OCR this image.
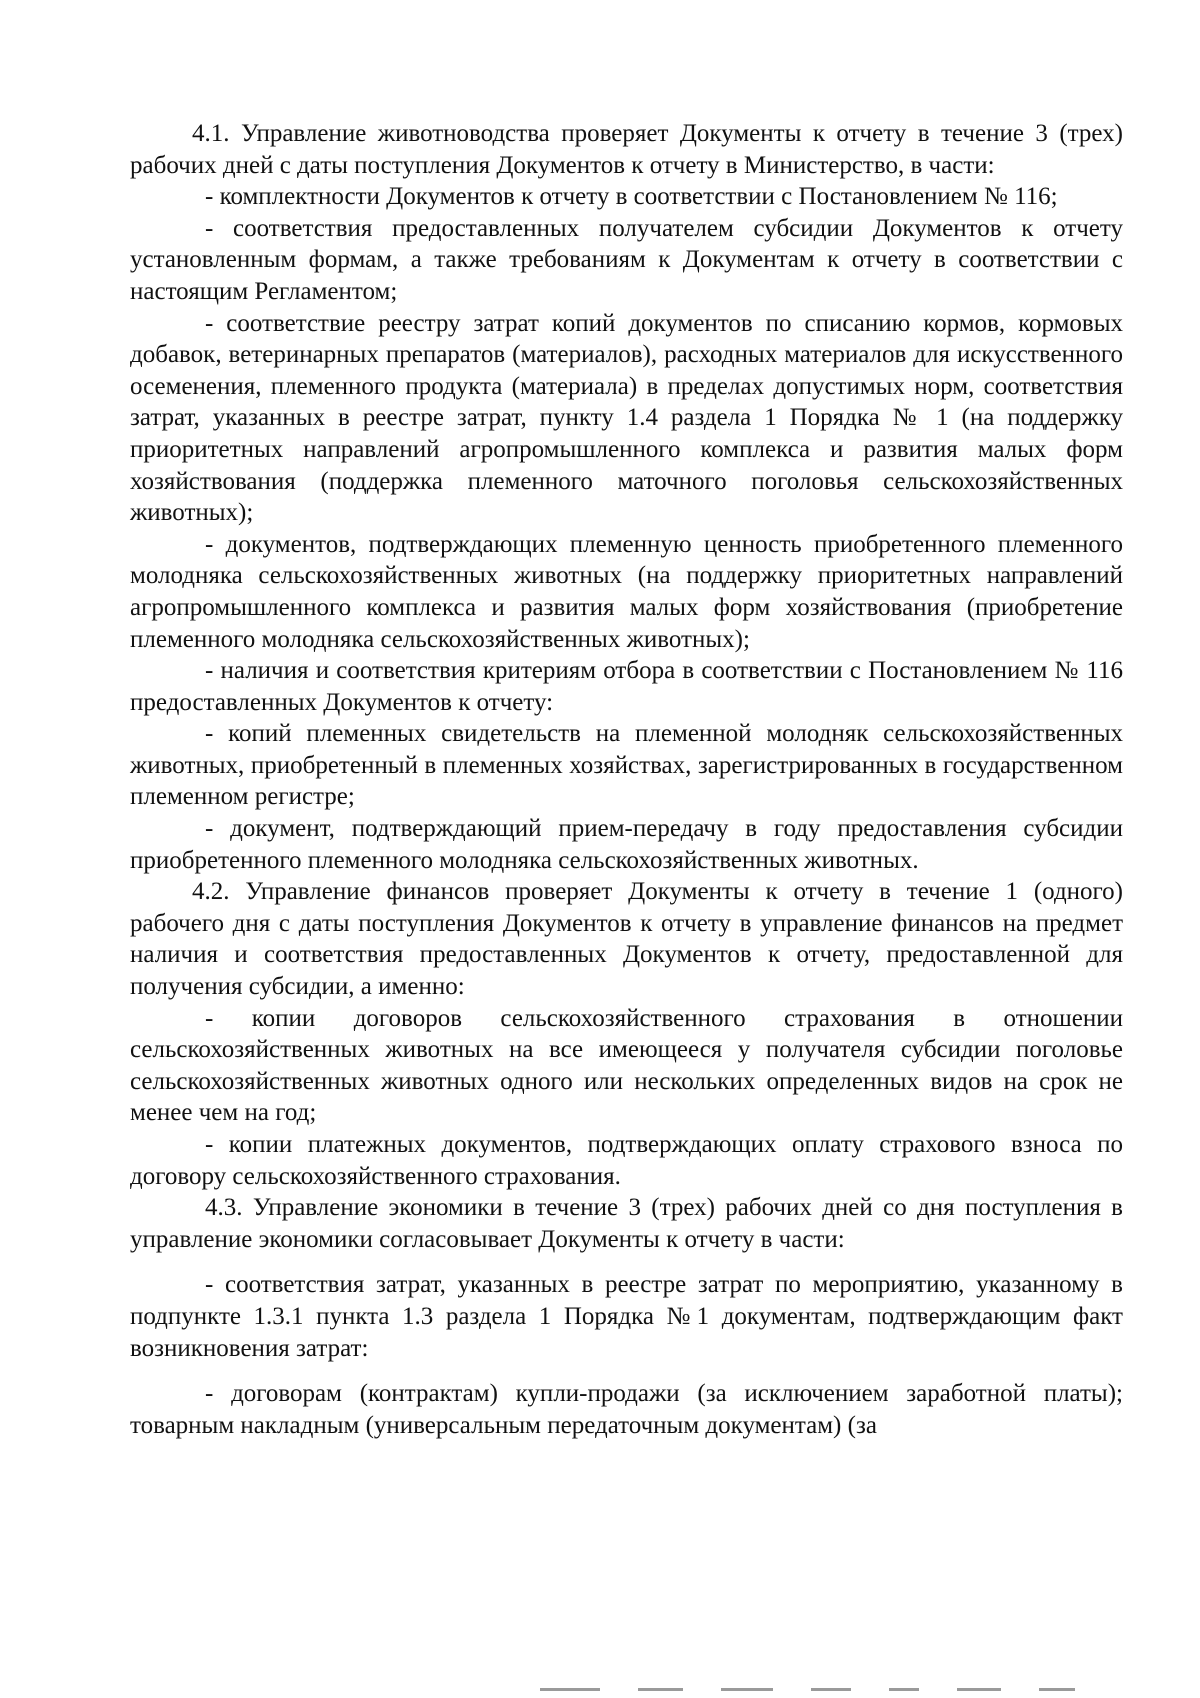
4.1. Управление животноводства проверяет Документы к отчету в течение 3 (трех) рабочих дней с даты поступления Документов к отчету в Министерство, в части:

- комплектности Документов к отчету в соответствии с Постановлением № 116;

- соответствия предоставленных получателем субсидии Документов к отчету установленным формам, а также требованиям к Документам к отчету в соответствии с настоящим Регламентом;

- соответствие реестру затрат копий документов по списанию кормов, кормовых добавок, ветеринарных препаратов (материалов), расходных материалов для искусственного осеменения, племенного продукта (материала) в пределах допустимых норм, соответствия затрат, указанных в реестре затрат, пункту 1.4 раздела 1 Порядка № 1 (на поддержку приоритетных направлений агропромышленного комплекса и развития малых форм хозяйствования (поддержка племенного маточного поголовья сельскохозяйственных животных);

- документов, подтверждающих племенную ценность приобретенного племенного молодняка сельскохозяйственных животных (на поддержку приоритетных направлений агропромышленного комплекса и развития малых форм хозяйствования (приобретение племенного молодняка сельскохозяйственных животных);

- наличия и соответствия критериям отбора в соответствии с Постановлением № 116 предоставленных Документов к отчету:

- копий племенных свидетельств на племенной молодняк сельскохозяйственных животных, приобретенный в племенных хозяйствах, зарегистрированных в государственном племенном регистре;

- документ, подтверждающий прием-передачу в году предоставления субсидии приобретенного племенного молодняка сельскохозяйственных животных.

4.2. Управление финансов проверяет Документы к отчету в течение 1 (одного) рабочего дня с даты поступления Документов к отчету в управление финансов на предмет наличия и соответствия предоставленных Документов к отчету, предоставленной для получения субсидии, а именно:

- копии договоров сельскохозяйственного страхования в отношении сельскохозяйственных животных на все имеющееся у получателя субсидии поголовье сельскохозяйственных животных одного или нескольких определенных видов на срок не менее чем на год;

- копии платежных документов, подтверждающих оплату страхового взноса по договору сельскохозяйственного страхования.

4.3. Управление экономики в течение 3 (трех) рабочих дней со дня поступления в управление экономики согласовывает Документы к отчету в части:

- соответствия затрат, указанных в реестре затрат по мероприятию, указанному в подпункте 1.3.1 пункта 1.3 раздела 1 Порядка №1 документам, подтверждающим факт возникновения затрат:

- договорам (контрактам) купли-продажи (за исключением заработной платы); товарным накладным (универсальным передаточным документам) (за
